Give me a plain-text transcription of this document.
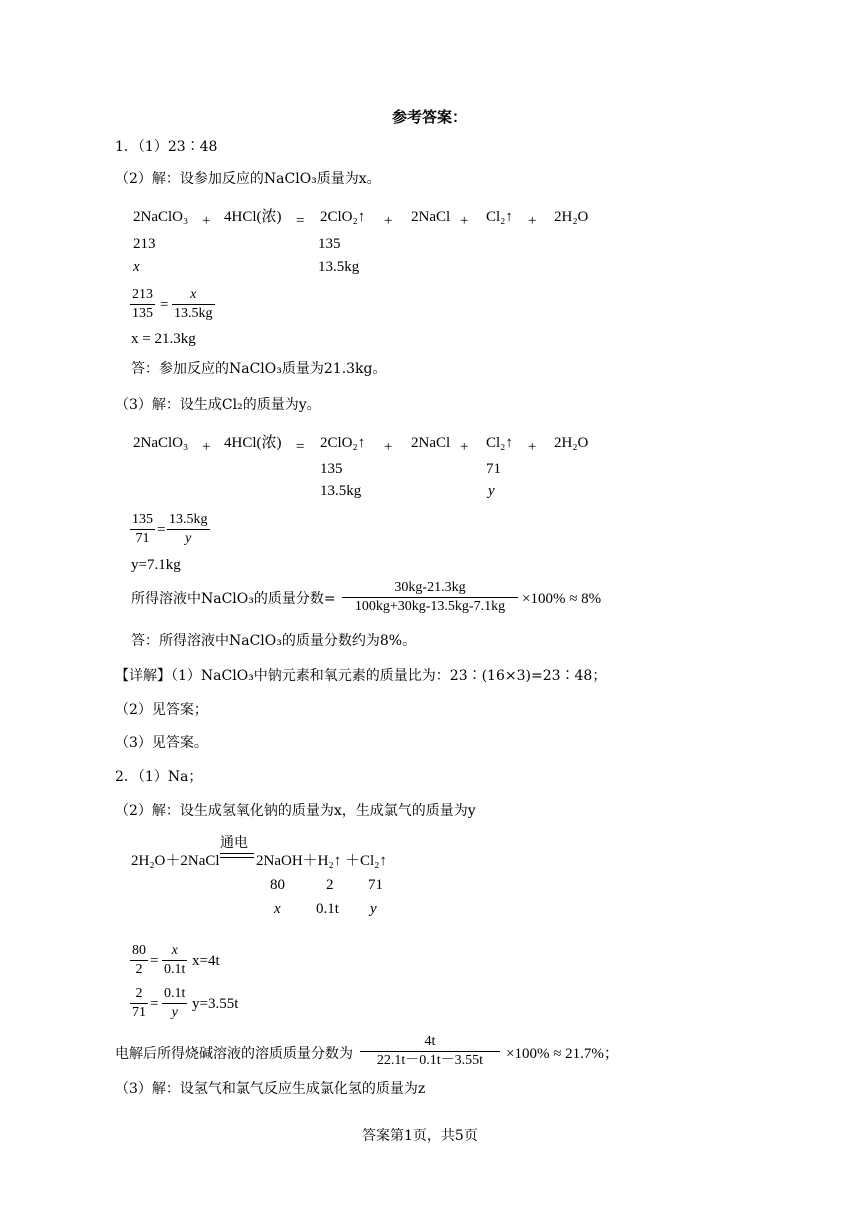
参考答案：
1．（1）23∶48
（2）解：设参加反应的NaClO₃质量为x。
2NaClO₃ + 4HCl(浓) = 2ClO₂↑ + 2NaCl + Cl₂↑ + 2H₂O
213	135
x	13.5kg
213
135
=
x
13.5kg
x = 21.3kg
答：参加反应的NaClO₃质量为21.3kg。
（3）解：设生成Cl₂的质量为y。
2NaClO₃ + 4HCl(浓) = 2ClO₂↑ + 2NaCl + Cl₂↑ + 2H₂O
135	71
13.5kg	y
135
71
=
13.5kg
y
y=7.1kg
所得溶液中NaClO₃的质量分数=
30kg-21.3kg
100kg+30kg-13.5kg-7.1kg	×100% ≈ 8%
答：所得溶液中NaClO₃的质量分数约为8%。
【详解】（1）NaClO₃中钠元素和氧元素的质量比为：23∶(16×3)=23∶48；
（2）见答案；
（3）见答案。
2．（1）Na；
（2）解：设生成氢氧化钠的质量为x，生成氯气的质量为y
2H₂O＋2NaCl
通电
2NaOH＋H₂↑ ＋Cl₂↑
80	2 71
x 0.1t y
80
2
=
x
0.1t
x=4t
2
71
=
0.1t
y
y=3.55t
电解后所得烧碱溶液的溶质质量分数为
4t
22.1t－0.1t－3.55t	×100% ≈ 21.7%；
（3）解：设氢气和氯气反应生成氯化氢的质量为z
答案第1页，共5页
